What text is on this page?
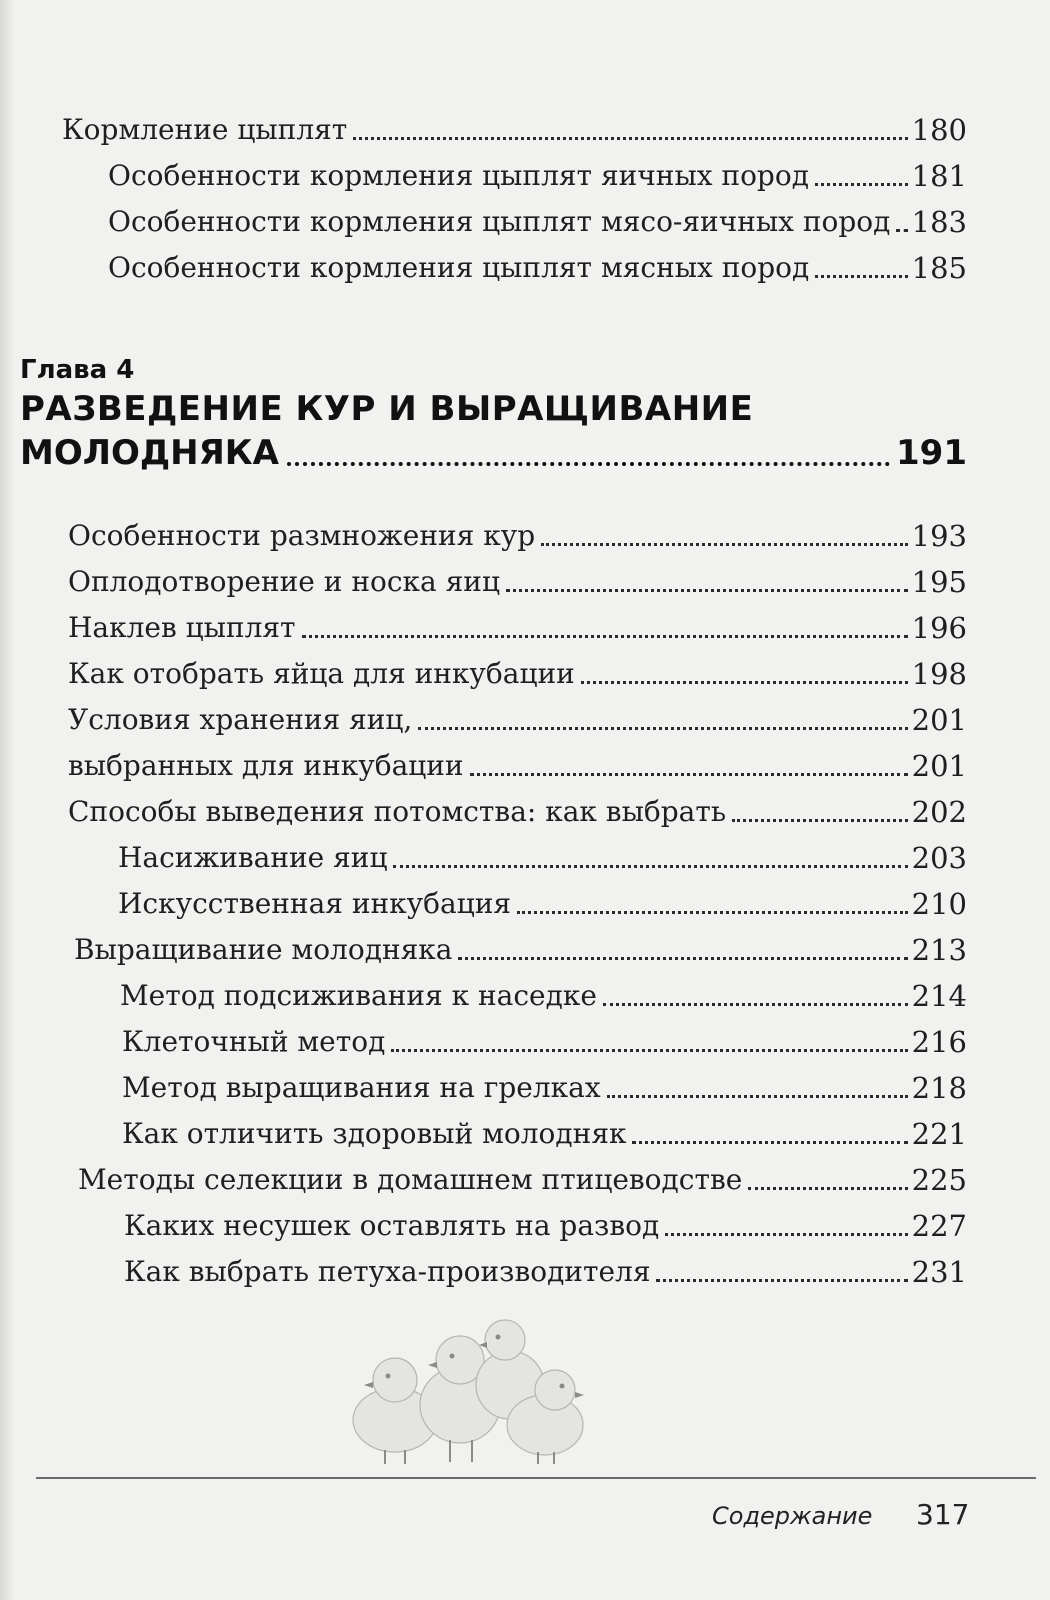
Кормление цыплят	180
Особенности кормления цыплят яичных пород	181
Особенности кормления цыплят мясо-яичных пород 183
Особенности кормления цыплят мясных пород	185
Глава 4
РАЗВЕДЕНИЕ КУР И ВЫРАЩИВАНИЕ
МОЛОДНЯКА	191
Особенности размножения кур	193
Оплодотворение и носка яиц	195
Наклев цыплят	196
Как отобрать яйца для инкубации	198
Условия хранения яиц,	201
выбранных для инкубации	201
Способы выведения потомства: как выбрать	202
Насиживание яиц	203
Искусственная инкубация	210
Выращивание молодняка	213
Метод подсиживания к наседке	214
Клеточный метод	216
Метод выращивания на грелках	218
Как отличить здоровый молодняк	221
Методы селекции в домашнем птицеводстве	225
Каких несушек оставлять на развод	227
Как выбрать петуха-производителя	231
Содержание 317
